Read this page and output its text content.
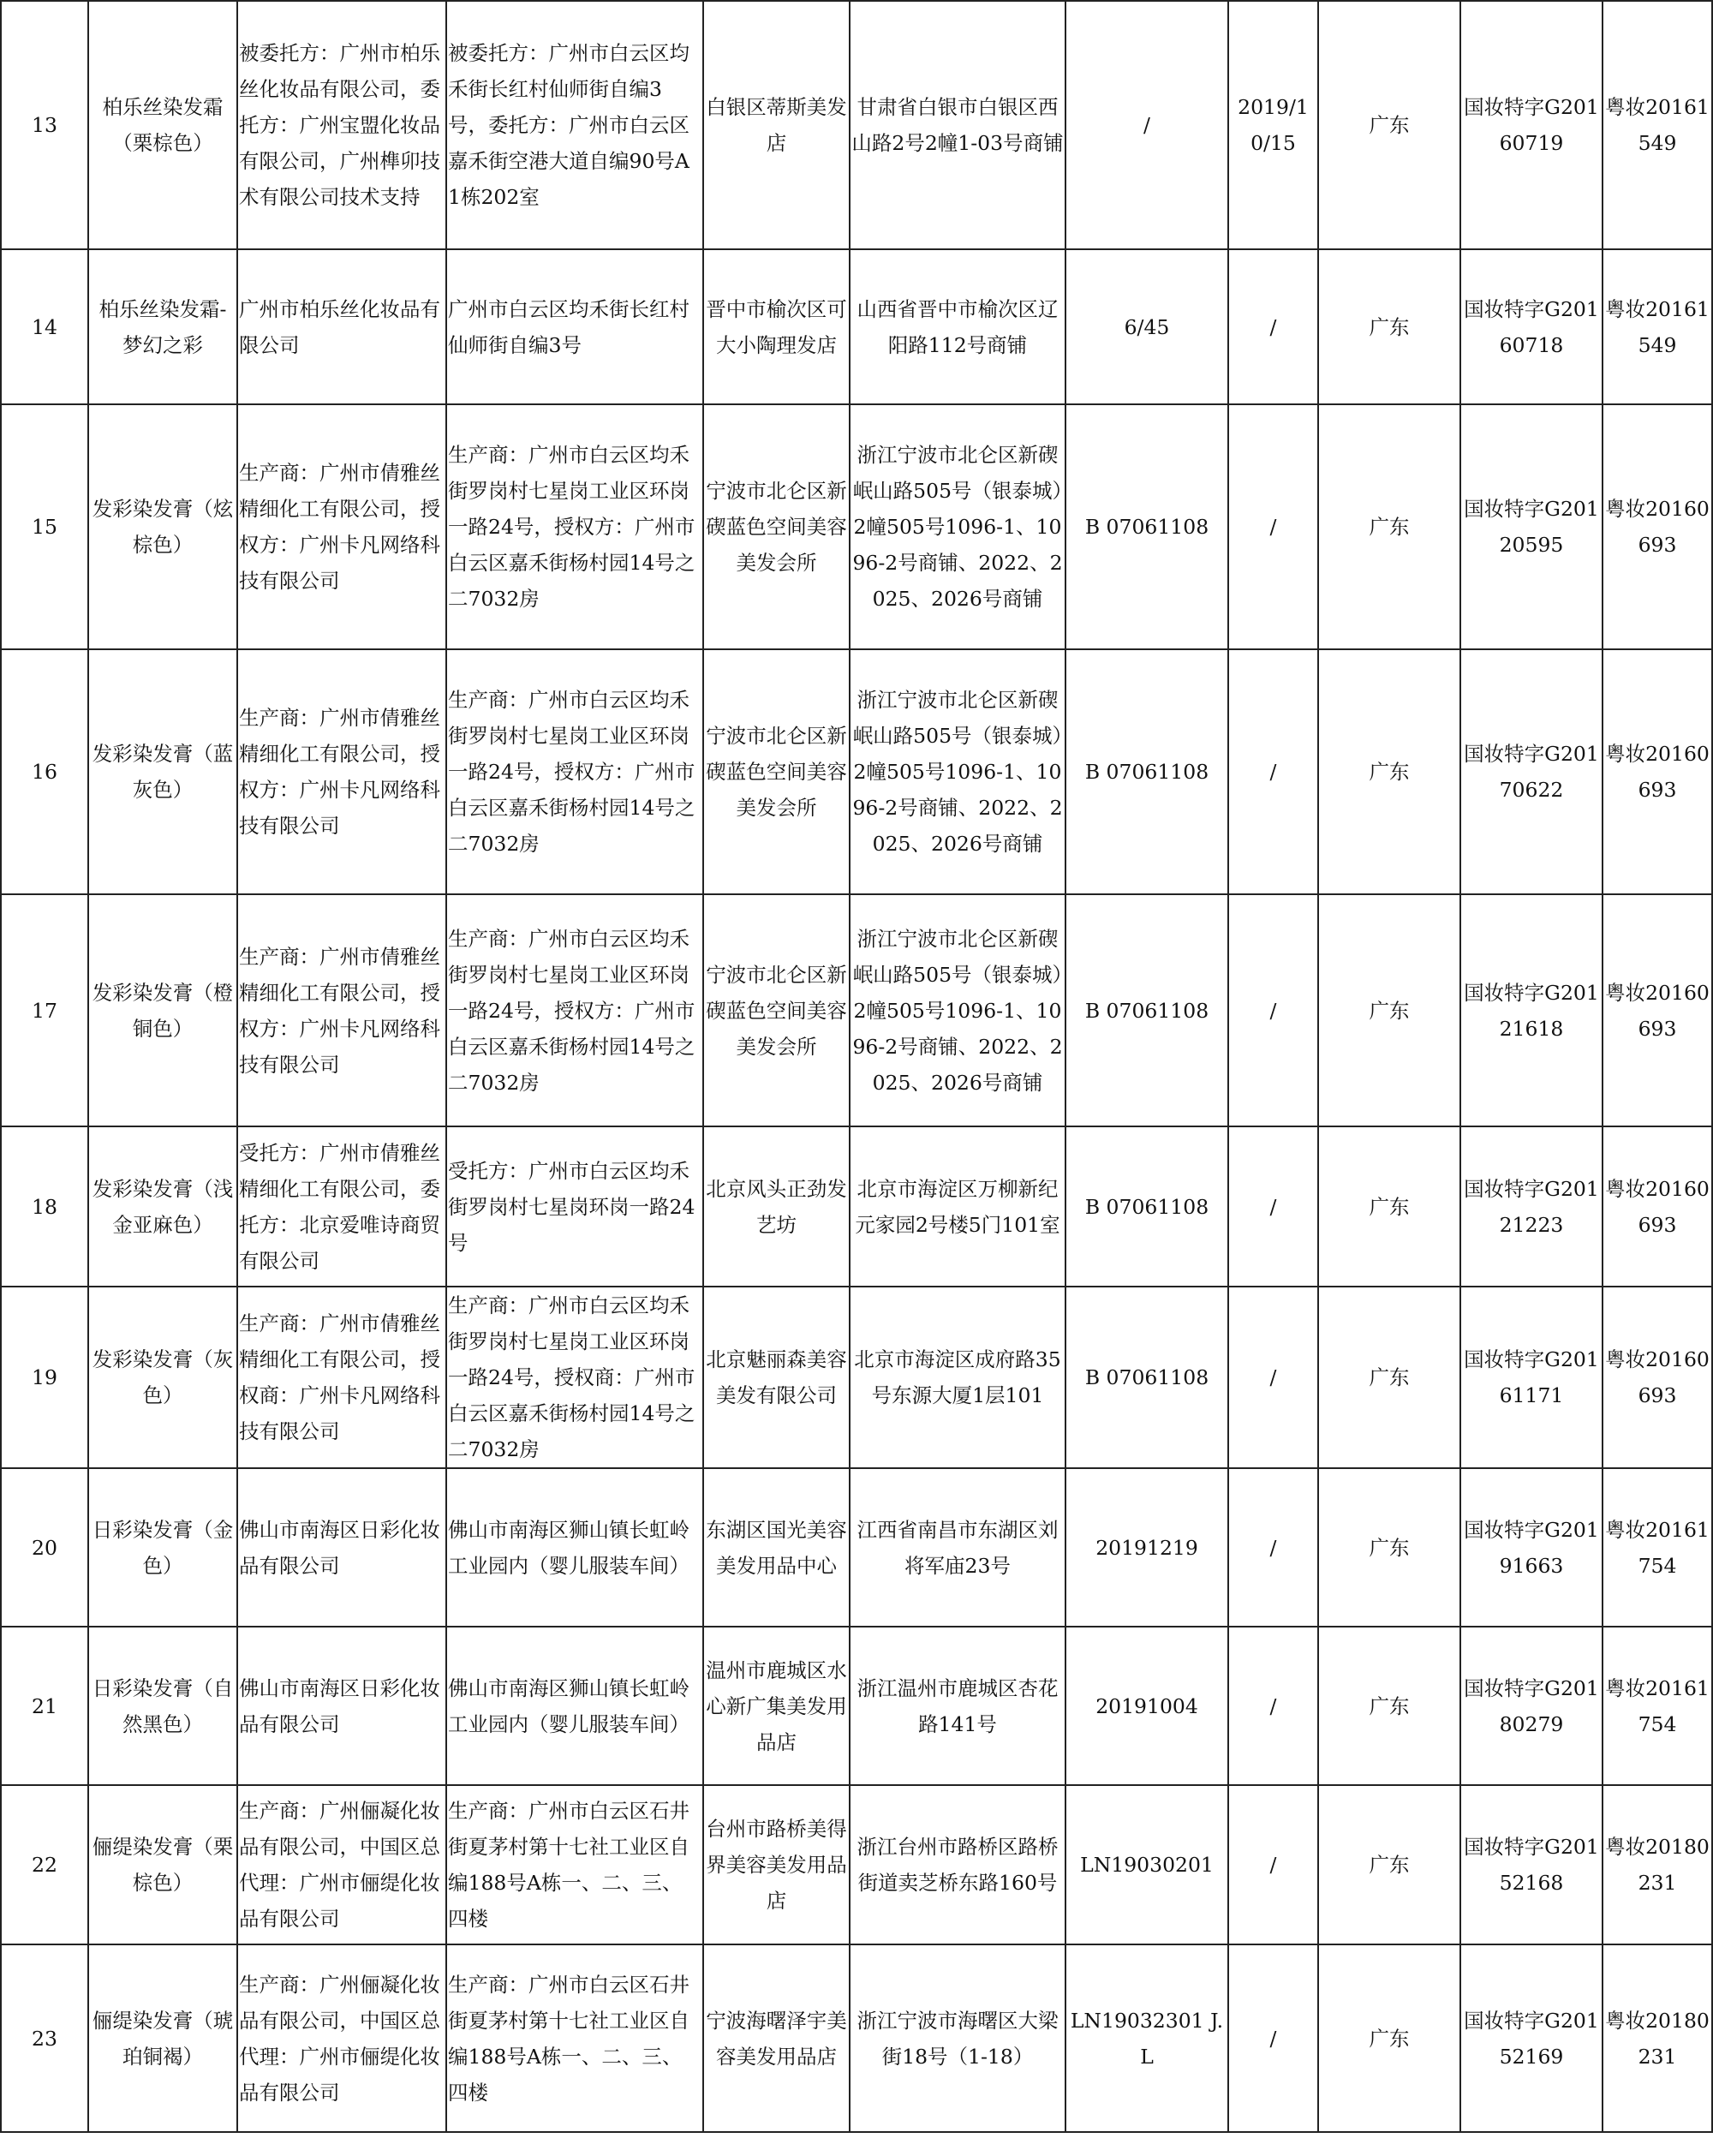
13	柏乐丝染发霜（栗棕色）	被委托方：广州市柏乐丝化妆品有限公司，委托方：广州宝盟化妆品有限公司，广州榫卯技术有限公司技术支持	被委托方：广州市白云区均禾街长红村仙师街自编3号，委托方：广州市白云区嘉禾街空港大道自编90号A1栋202室	白银区蒂斯美发店	甘肃省白银市白银区西山路2号2幢1-03号商铺	/	2019/10/15	广东	国妆特字G20160719	粤妆20161549
14	柏乐丝染发霜-梦幻之彩	广州市柏乐丝化妆品有限公司	广州市白云区均禾街长红村仙师街自编3号	晋中市榆次区可大小陶理发店	山西省晋中市榆次区辽阳路112号商铺	6/45	/	广东	国妆特字G20160718	粤妆20161549
15	发彩染发膏（炫棕色）	生产商：广州市倩雅丝精细化工有限公司，授权方：广州卡凡网络科技有限公司	生产商：广州市白云区均禾街罗岗村七星岗工业区环岗一路24号，授权方：广州市白云区嘉禾街杨村园14号之二7032房	宁波市北仑区新碶蓝色空间美容美发会所	浙江宁波市北仑区新碶岷山路505号（银泰城）2幢505号1096-1、1096-2号商铺、2022、2025、2026号商铺	B 07061108	/	广东	国妆特字G20120595	粤妆20160693
16	发彩染发膏（蓝灰色）	生产商：广州市倩雅丝精细化工有限公司，授权方：广州卡凡网络科技有限公司	生产商：广州市白云区均禾街罗岗村七星岗工业区环岗一路24号，授权方：广州市白云区嘉禾街杨村园14号之二7032房	宁波市北仑区新碶蓝色空间美容美发会所	浙江宁波市北仑区新碶岷山路505号（银泰城）2幢505号1096-1、1096-2号商铺、2022、2025、2026号商铺	B 07061108	/	广东	国妆特字G20170622	粤妆20160693
17	发彩染发膏（橙铜色）	生产商：广州市倩雅丝精细化工有限公司，授权方：广州卡凡网络科技有限公司	生产商：广州市白云区均禾街罗岗村七星岗工业区环岗一路24号，授权方：广州市白云区嘉禾街杨村园14号之二7032房	宁波市北仑区新碶蓝色空间美容美发会所	浙江宁波市北仑区新碶岷山路505号（银泰城）2幢505号1096-1、1096-2号商铺、2022、2025、2026号商铺	B 07061108	/	广东	国妆特字G20121618	粤妆20160693
18	发彩染发膏（浅金亚麻色）	受托方：广州市倩雅丝精细化工有限公司，委托方：北京爱唯诗商贸有限公司	受托方：广州市白云区均禾街罗岗村七星岗环岗一路24号	北京风头正劲发艺坊	北京市海淀区万柳新纪元家园2号楼5门101室	B 07061108	/	广东	国妆特字G20121223	粤妆20160693
19	发彩染发膏（灰色）	生产商：广州市倩雅丝精细化工有限公司，授权商：广州卡凡网络科技有限公司	生产商：广州市白云区均禾街罗岗村七星岗工业区环岗一路24号，授权商：广州市白云区嘉禾街杨村园14号之二7032房	北京魅丽森美容美发有限公司	北京市海淀区成府路35号东源大厦1层101	B 07061108	/	广东	国妆特字G20161171	粤妆20160693
20	日彩染发膏（金色）	佛山市南海区日彩化妆品有限公司	佛山市南海区狮山镇长虹岭工业园内（婴儿服装车间）	东湖区国光美容美发用品中心	江西省南昌市东湖区刘将军庙23号	20191219	/	广东	国妆特字G20191663	粤妆20161754
21	日彩染发膏（自然黑色）	佛山市南海区日彩化妆品有限公司	佛山市南海区狮山镇长虹岭工业园内（婴儿服装车间）	温州市鹿城区水心新广集美发用品店	浙江温州市鹿城区杏花路141号	20191004	/	广东	国妆特字G20180279	粤妆20161754
22	俪缇染发膏（栗棕色）	生产商：广州俪凝化妆品有限公司，中国区总代理：广州市俪缇化妆品有限公司	生产商：广州市白云区石井街夏茅村第十七社工业区自编188号A栋一、二、三、四楼	台州市路桥美得界美容美发用品店	浙江台州市路桥区路桥街道卖芝桥东路160号	LN19030201	/	广东	国妆特字G20152168	粤妆20180231
23	俪缇染发膏（琥珀铜褐）	生产商：广州俪凝化妆品有限公司，中国区总代理：广州市俪缇化妆品有限公司	生产商：广州市白云区石井街夏茅村第十七社工业区自编188号A栋一、二、三、四楼	宁波海曙泽宇美容美发用品店	浙江宁波市海曙区大梁街18号（1-18）	LN19032301 J.L	/	广东	国妆特字G20152169	粤妆20180231
